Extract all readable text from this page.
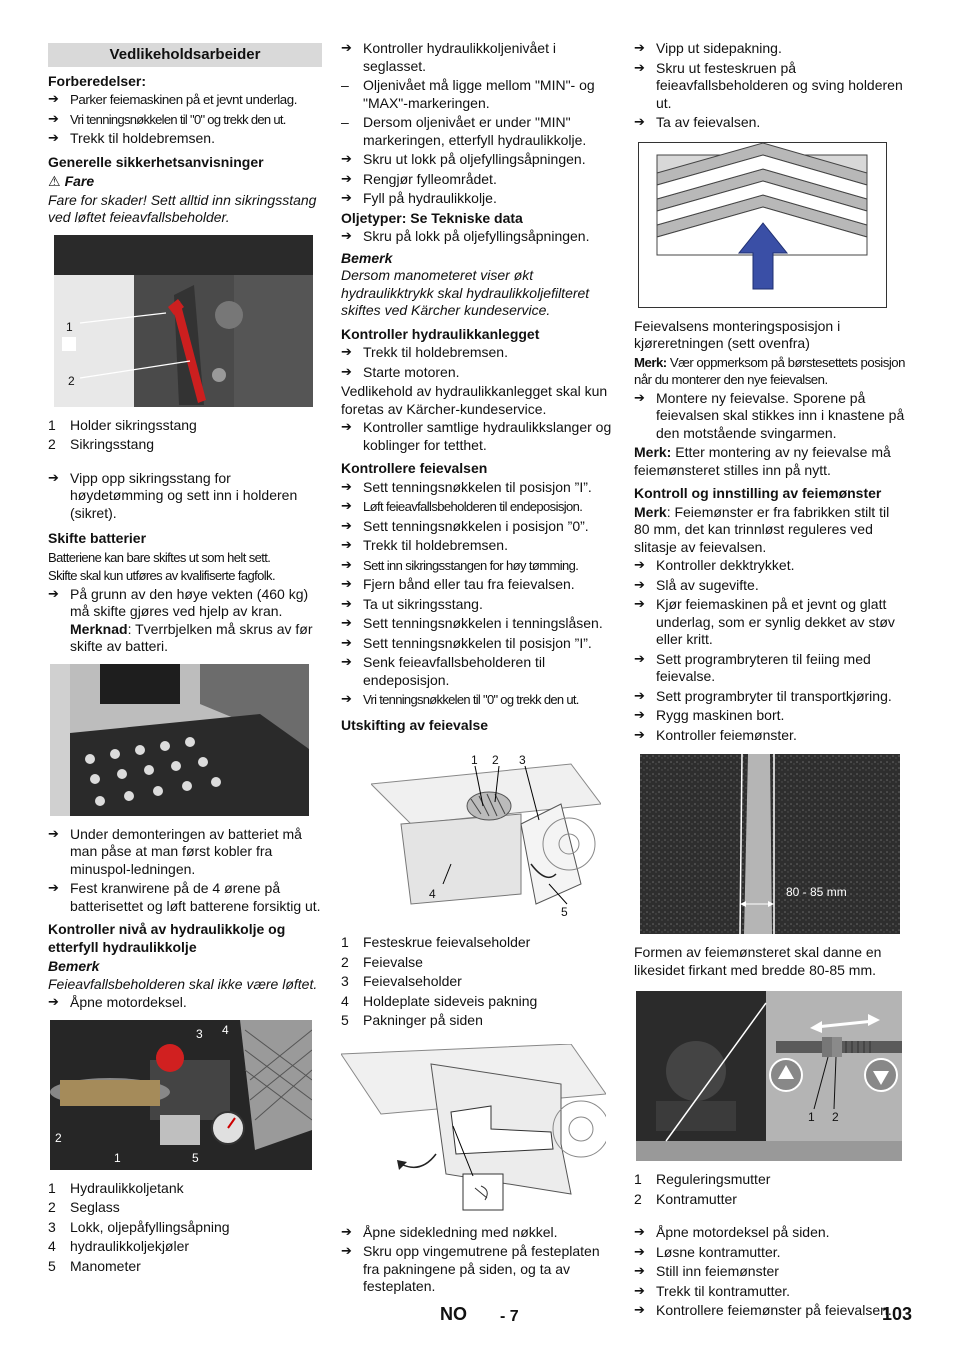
Vedlikeholdsarbeider
Forberedelser:
➔ Parker feiemaskinen på et jevnt underlag.
➔ Vri tenningsnøkkelen til "0" og trekk den ut.
➔ Trekk til holdebremsen.
Generelle sikkerhetsanvisninger
⚠ Fare
Fare for skader! Sett alltid inn sikringsstang ved løftet feieavfallsbeholder.
1
2
1 Holder sikringsstang
2 Sikringsstang
➔ Vipp opp sikringsstang for høydetømming og sett inn i holderen (sikret).
Skifte batterier
Batteriene kan bare skiftes ut som helt sett.
Skifte skal kun utføres av kvalifiserte fagfolk.
➔ På grunn av den høye vekten (460 kg) må skifte gjøres ved hjelp av kran.
Merknad: Tverrbjelken må skrus av før skifte av batteri.
➔ Under demonteringen av batteriet må man påse at man først kobler fra minuspol-ledningen.
➔ Fest kranwirene på de 4 ørene på batterisettet og løft batterene forsiktig ut.
Kontroller nivå av hydraulikkolje og etterfyll hydraulikkolje
Bemerk
Feieavfallsbeholderen skal ikke være løftet.
➔ Åpne motordeksel.
3 4
2
1	5
1 Hydraulikkoljetank
2 Seglass
3 Lokk, oljepåfyllingsåpning
4 hydraulikkoljekjøler
5 Manometer
➔ Kontroller hydraulikkoljenivået i seglasset.
– Oljenivået må ligge mellom "MIN"- og "MAX"-markeringen.
– Dersom oljenivået er under "MIN" markeringen, etterfyll hydraulikkolje.
➔ Skru ut lokk på oljefyllingsåpningen.
➔ Rengjør fylleområdet.
➔ Fyll på hydraulikkolje.
Oljetyper: Se Tekniske data
➔ Skru på lokk på oljefyllingsåpningen.
Bemerk
Dersom manometeret viser økt hydraulikktrykk skal hydraulikkoljefilteret skiftes ved Kärcher kundeservice.
Kontroller hydraulikkanlegget
➔ Trekk til holdebremsen.
➔ Starte motoren.
Vedlikehold av hydraulikkanlegget skal kun foretas av Kärcher-kundeservice.
➔ Kontroller samtlige hydraulikkslanger og koblinger for tetthet.
Kontrollere feievalsen
➔ Sett tenningsnøkkelen til posisjon ”I”.
➔ Løft feieavfallsbeholderen til endeposisjon.
➔ Sett tenningsnøkkelen i posisjon ”0”.
➔ Trekk til holdebremsen.
➔ Sett inn sikringsstangen for høy tømming.
➔ Fjern bånd eller tau fra feievalsen.
➔ Ta ut sikringsstang.
➔ Sett tenningsnøkkelen i tenningslåsen.
➔ Sett tenningsnøkkelen til posisjon ”I”.
➔ Senk feieavfallsbeholderen til endeposisjon.
➔ Vri tenningsnøkkelen til "0" og trekk den ut.
Utskifting av feievalse
1 2 3
4
5
1 Festeskrue feievalseholder
2 Feievalse
3 Feievalseholder
4 Holdeplate sideveis pakning
5 Pakninger på siden
➔ Åpne sidekledning med nøkkel.
➔ Skru opp vingemutrene på festeplaten fra pakningene på siden, og ta av festeplaten.
➔ Vipp ut sidepakning.
➔ Skru ut festeskruen på feieavfallsbeholderen og sving holderen ut.
➔ Ta av feievalsen.
Feievalsens monteringsposisjon i kjøreretningen (sett ovenfra)
Merk: Vær oppmerksom på børstesettets posisjon når du monterer den nye feievalsen.
➔ Montere ny feievalse. Sporene på feievalsen skal stikkes inn i knastene på den motstående svingarmen.
Merk: Etter montering av ny feievalse må feiemønsteret stilles inn på nytt.
Kontroll og innstilling av feiemønster
Merk: Feiemønster er fra fabrikken stilt til 80 mm, det kan trinnløst reguleres ved slitasje av feievalsen.
➔ Kontroller dekktrykket.
➔ Slå av sugevifte.
➔ Kjør feiemaskinen på et jevnt og glatt underlag, som er synlig dekket av støv eller kritt.
➔ Sett programbryteren til feiing med feievalse.
➔ Sett programbryter til transportkjøring.
➔ Rygg maskinen bort.
➔ Kontroller feiemønster.
80 - 85 mm
Formen av feiemønsteret skal danne en likesidet firkant med bredde 80-85 mm.
1 2
1 Reguleringsmutter
2 Kontramutter
➔ Åpne motordeksel på siden.
➔ Løsne kontramutter.
➔ Still inn feiemønster
➔ Trekk til kontramutter.
➔ Kontrollere feiemønster på feievalsen.
NO - 7	103
